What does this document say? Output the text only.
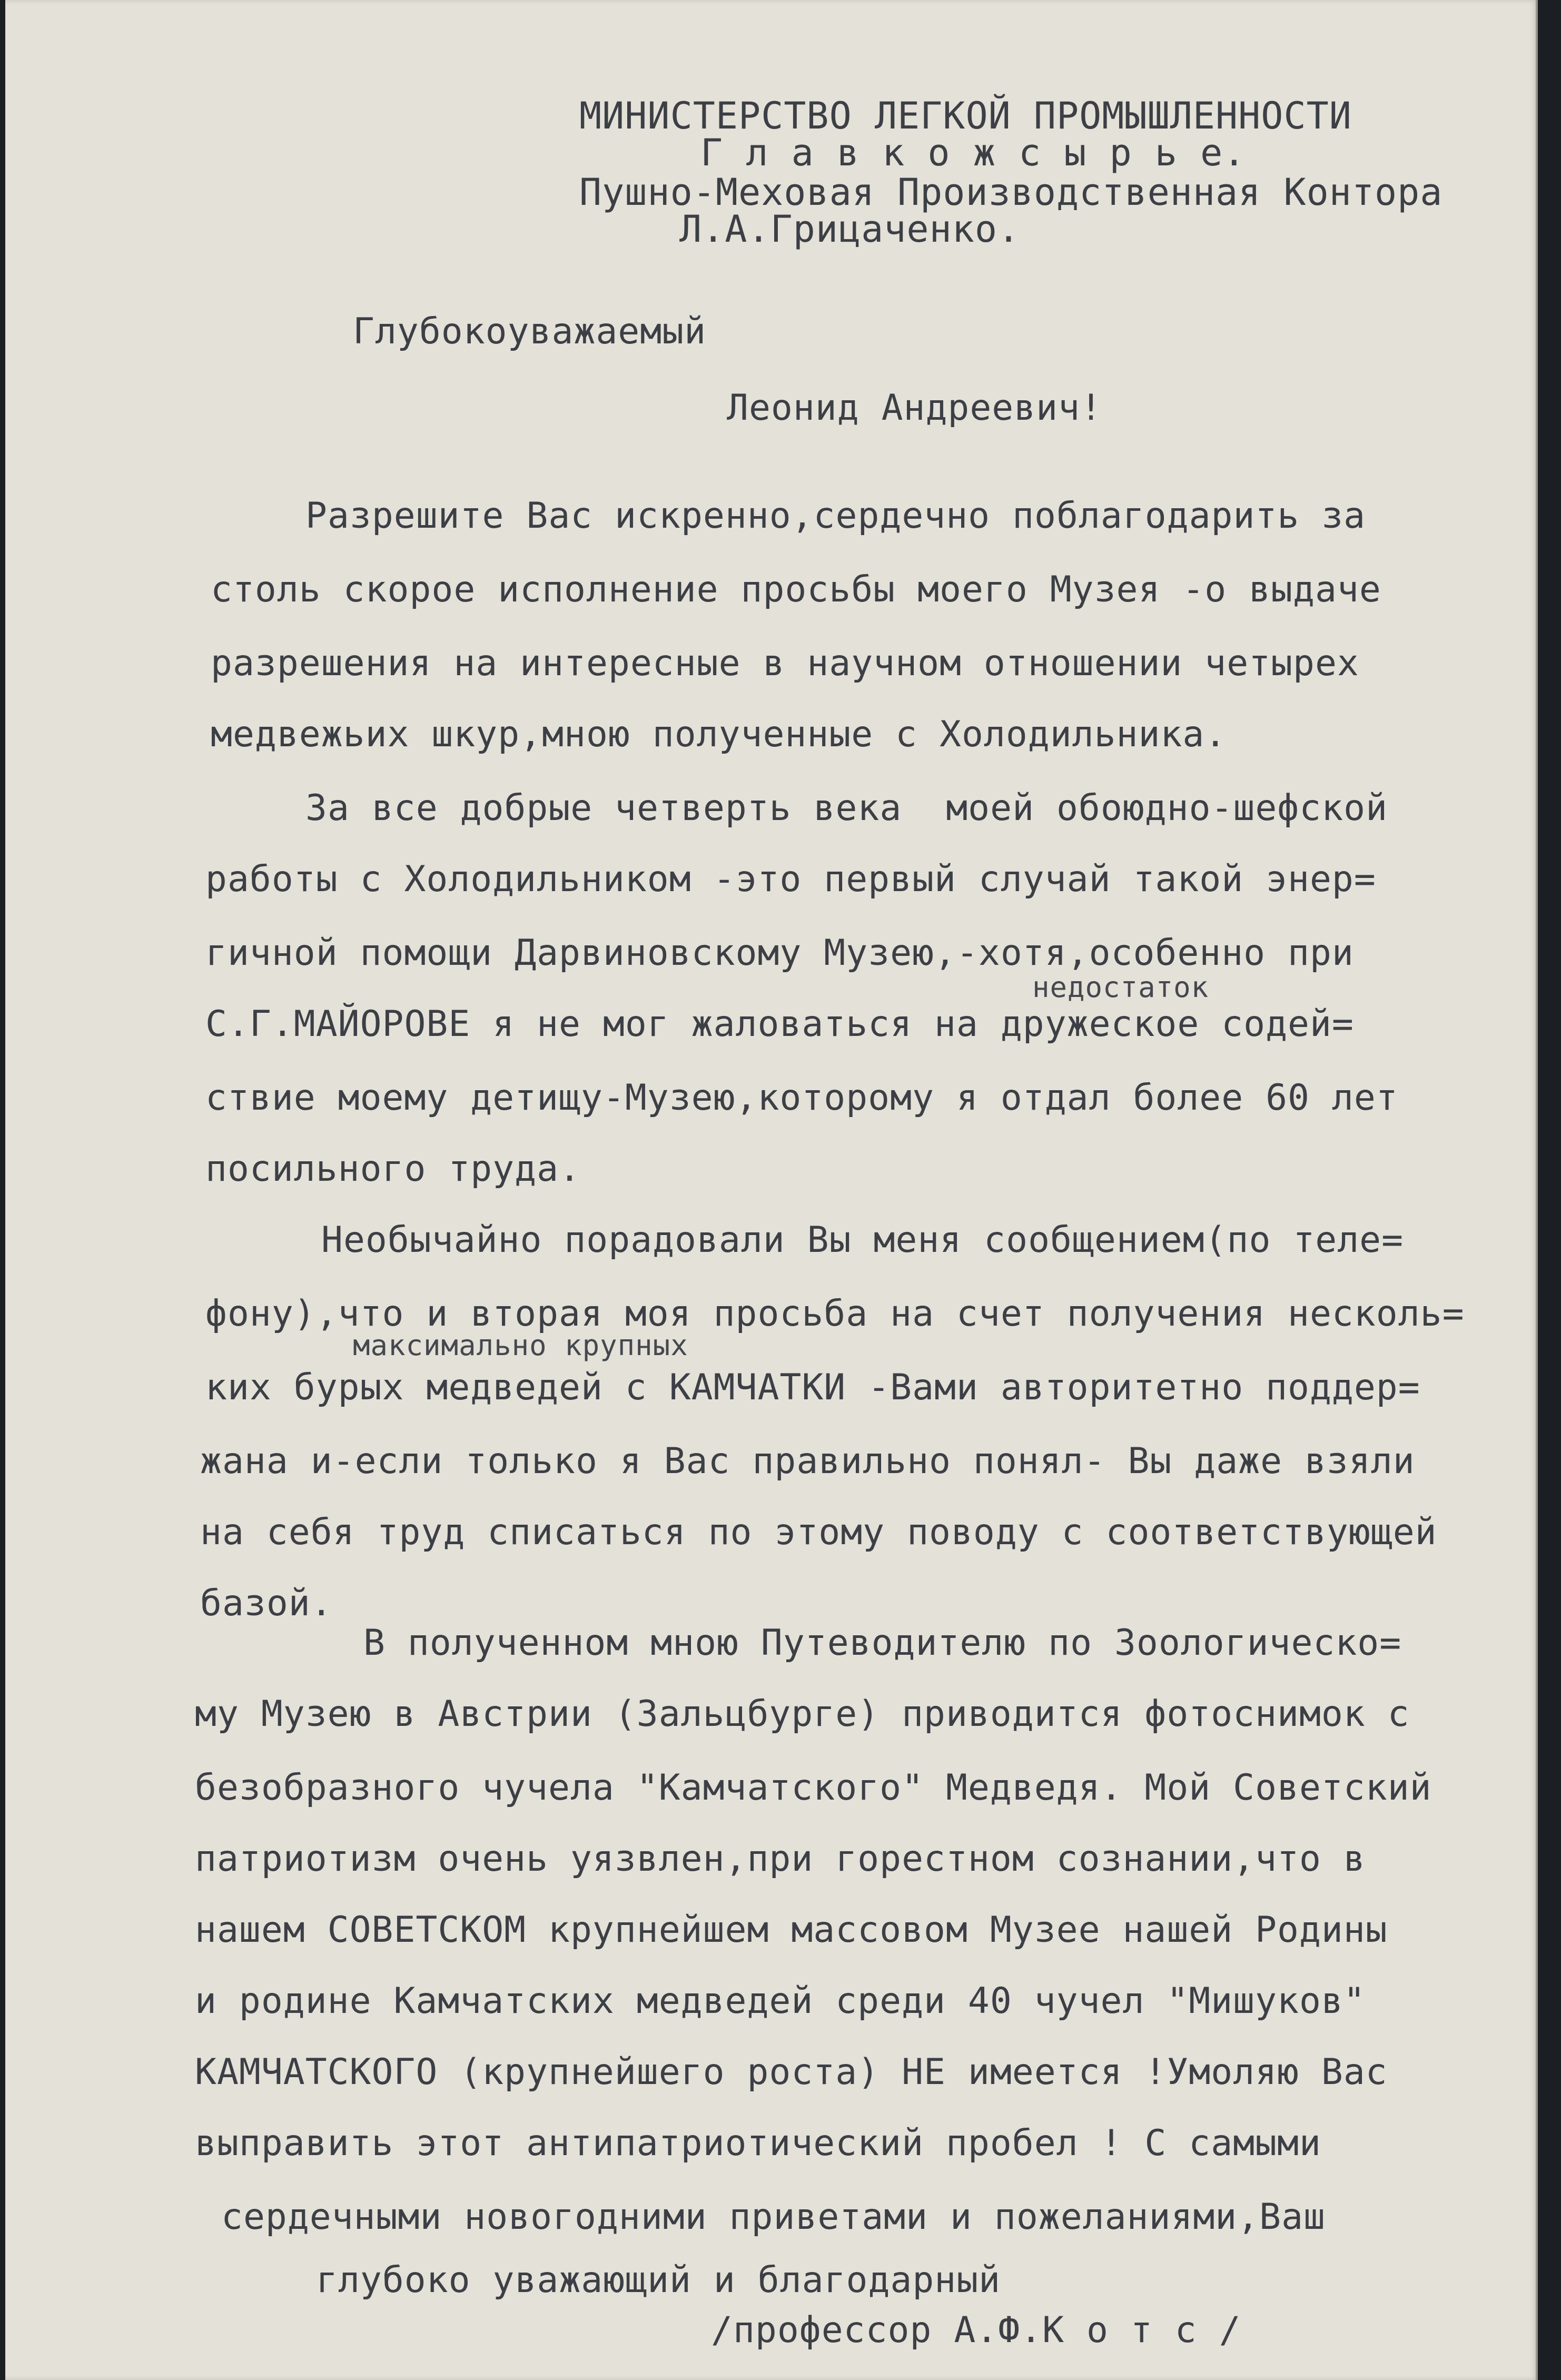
МИНИСТЕРСТВО ЛЕГКОЙ ПРОМЫШЛЕННОСТИ
Г л а в к о ж с ы р ь е.
Пушно-Меховая Производственная Контора
Л.А.Грицаченко.
Глубокоуважаемый
Леонид Андреевич!
Разрешите Вас искренно,сердечно поблагодарить за
столь скорое исполнение просьбы моего Музея -о выдаче
разрешения на интересные в научном отношении четырех
медвежьих шкур,мною полученные с Холодильника.
За все добрые четверть века  моей обоюдно-шефской
работы с Холодильником -это первый случай такой энер=
гичной помощи Дарвиновскому Музею,-хотя,особенно при
недостаток
С.Г.МАЙОРОВЕ я не мог жаловаться на дружеское содей=
ствие моему детищу-Музею,которому я отдал более 60 лет
посильного труда.
Необычайно порадовали Вы меня сообщением(по теле=
фону),что и вторая моя просьба на счет получения несколь=
максимально крупных
ких бурых медведей с КАМЧАТКИ -Вами авторитетно поддер=
жана и-если только я Вас правильно понял- Вы даже взяли
на себя труд списаться по этому поводу с соответствующей
базой.
В полученном мною Путеводителю по Зоологическо=
му Музею в Австрии (Зальцбурге) приводится фотоснимок с
безобразного чучела "Камчатского" Медведя. Мой Советский
патриотизм очень уязвлен,при горестном сознании,что в
нашем СОВЕТСКОМ крупнейшем массовом Музее нашей Родины
и родине Камчатских медведей среди 40 чучел "Мишуков"
КАМЧАТСКОГО (крупнейшего роста) НЕ имеется !Умоляю Вас
выправить этот антипатриотический пробел ! С самыми
сердечными новогодними приветами и пожеланиями,Ваш
глубоко уважающий и благодарный
/профессор А.Ф.К о т с /
